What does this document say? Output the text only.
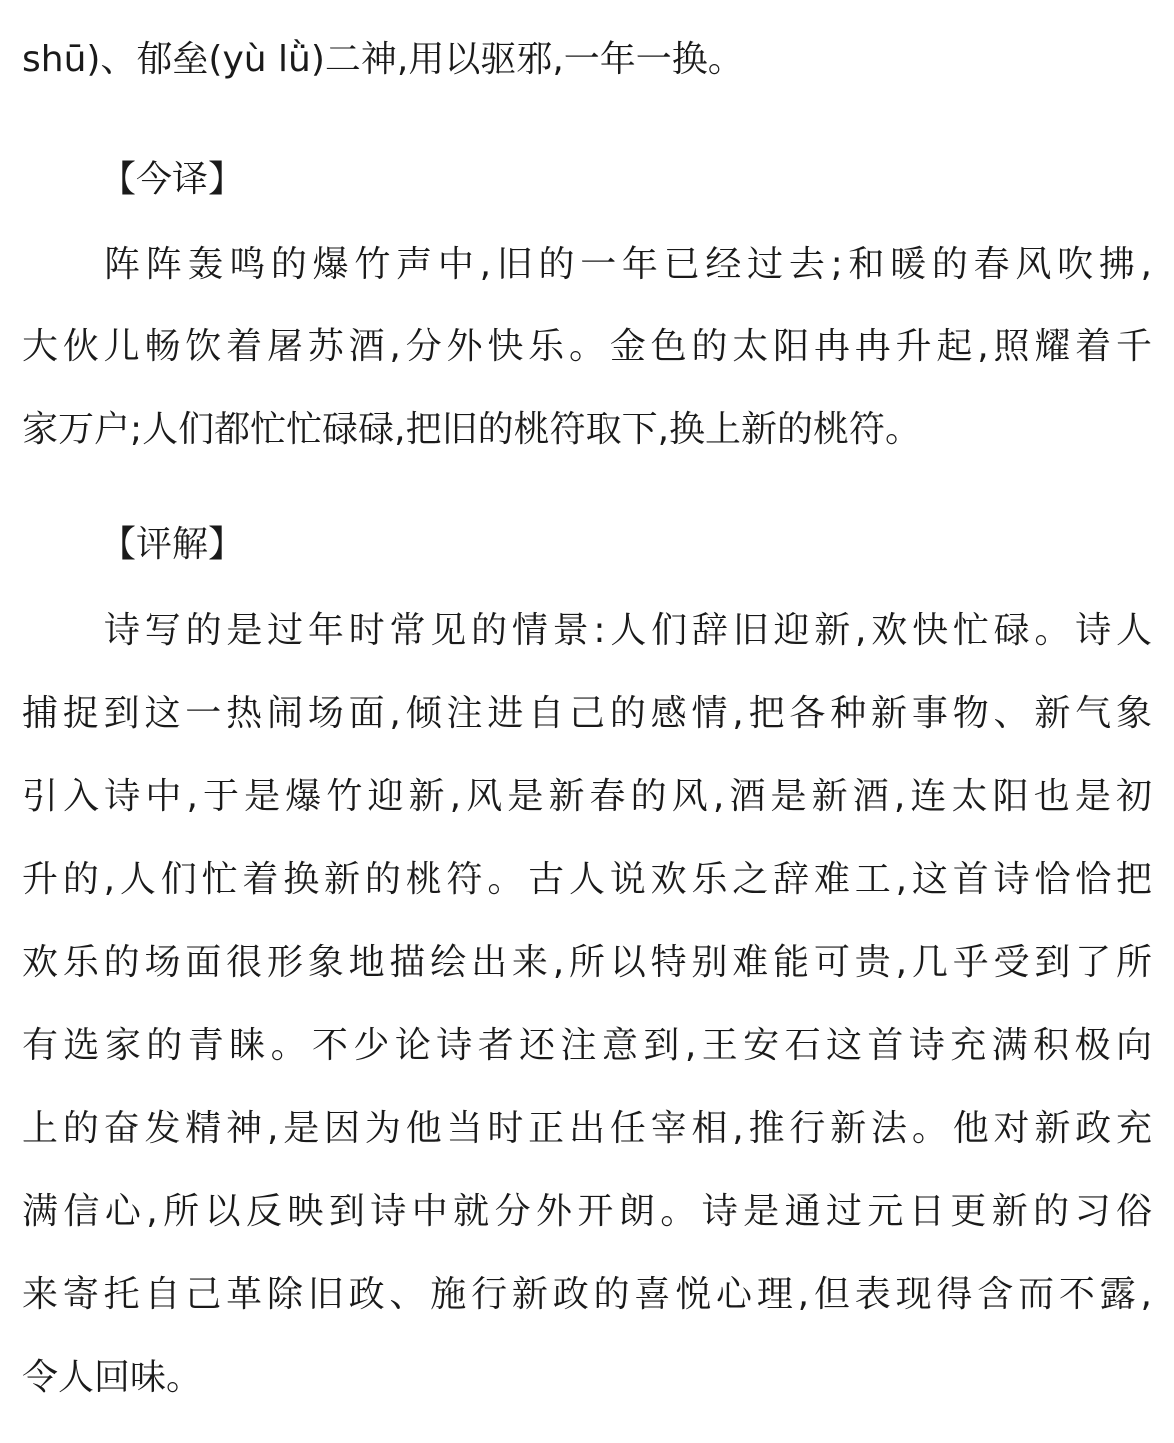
shū)、郁垒(yù lǜ)二神,用以驱邪,一年一换。
【今译】
阵阵轰鸣的爆竹声中,旧的一年已经过去;和暖的春风吹拂,
大伙儿畅饮着屠苏酒,分外快乐。金色的太阳冉冉升起,照耀着千
家万户;人们都忙忙碌碌,把旧的桃符取下,换上新的桃符。
【评解】
诗写的是过年时常见的情景:人们辞旧迎新,欢快忙碌。诗人
捕捉到这一热闹场面,倾注进自己的感情,把各种新事物、新气象
引入诗中,于是爆竹迎新,风是新春的风,酒是新酒,连太阳也是初
升的,人们忙着换新的桃符。古人说欢乐之辞难工,这首诗恰恰把
欢乐的场面很形象地描绘出来,所以特别难能可贵,几乎受到了所
有选家的青睐。不少论诗者还注意到,王安石这首诗充满积极向
上的奋发精神,是因为他当时正出任宰相,推行新法。他对新政充
满信心,所以反映到诗中就分外开朗。诗是通过元日更新的习俗
来寄托自己革除旧政、施行新政的喜悦心理,但表现得含而不露,
令人回味。
